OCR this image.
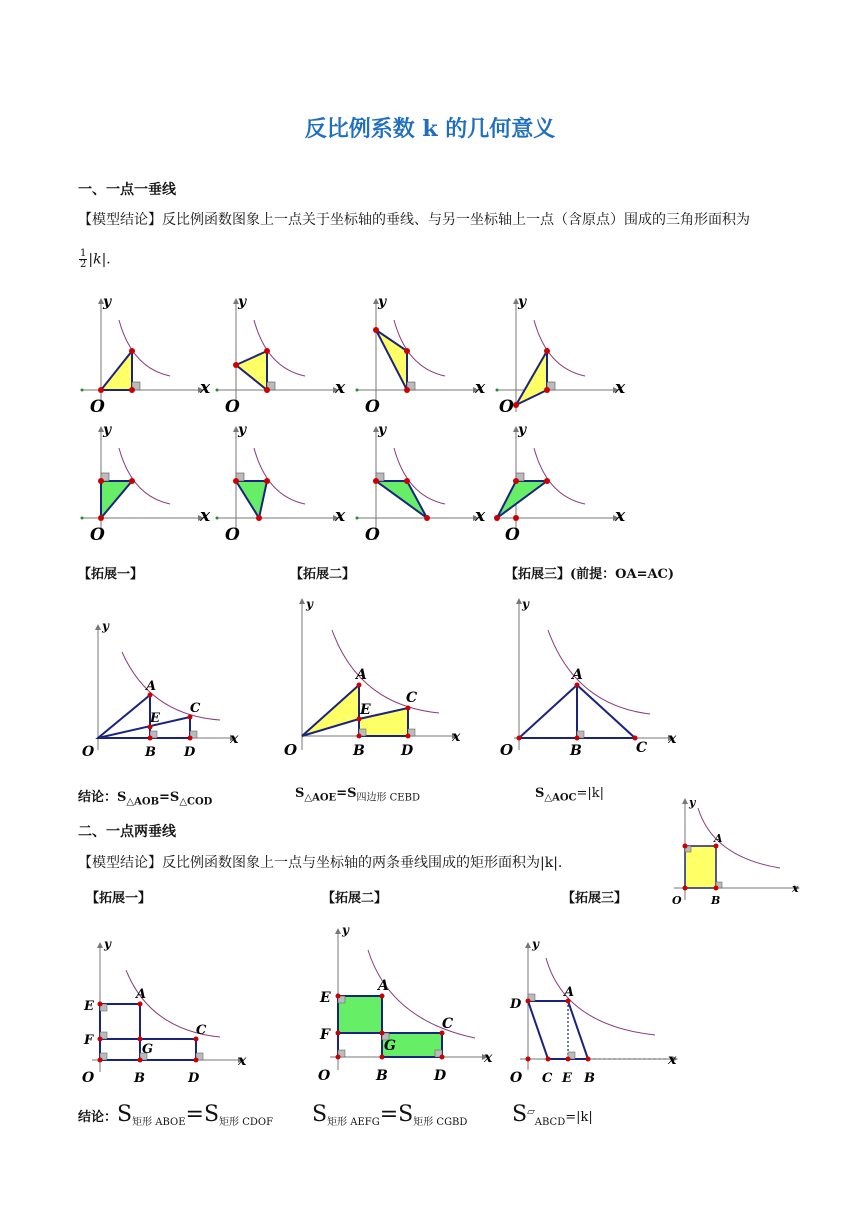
反比例系数 k 的几何意义
一、一点一垂线
【模型结论】反比例函数图象上一点关于坐标轴的垂线、与另一坐标轴上一点（含原点）围成的三角形面积为
$\frac{1}{2} |k|$.
x
y
O
x
y
O
x
y
O
x
y
O
x
y
O
x
y
O
x
y
O
x
y
O
【拓展一】	【拓展二】	【拓展三】(前提：OA=AC)
y
x
O
A
E
C
B D
y
x
O
A
E
C
B	D
y
x
O
A
B	C
结论：$S_{\triangle AOB}=S_{\triangle COD}$
$S_{\triangle AOE}=S_{四边形 CEBD}$	$S_{\triangle AOC}=|k|$
二、一点两垂线
【模型结论】反比例函数图象上一点与坐标轴的两条垂线围成的矩形面积为|k|.
y
x
O
A
B
【拓展一】	【拓展二】	【拓展三】
y
x
O
A
E
F
G
C
B	D
y
x
O
A
E
F
G
C
B	D
y
x
O
A
D
C E B
结论：$S_{矩形 ABOE}=S_{矩形 CDOF}$ $S_{矩形 AEFG}=S_{矩形 CGBD}$ $S^▱_{ABCD}=|k|$
